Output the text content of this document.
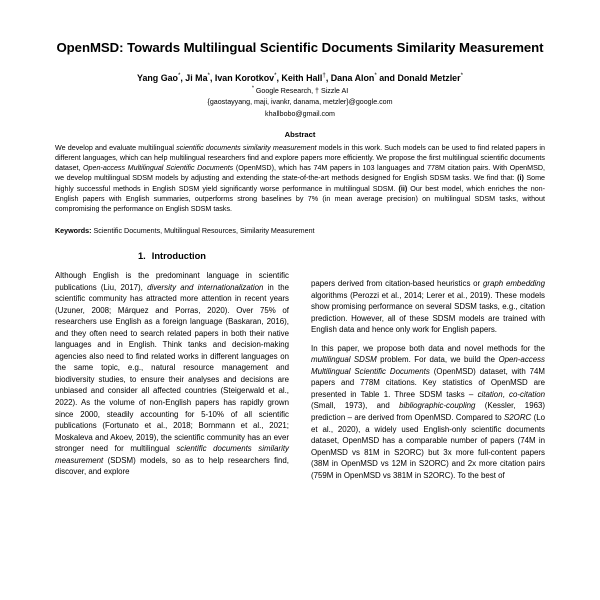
OpenMSD: Towards Multilingual Scientific Documents Similarity Measurement
Yang Gao*, Ji Ma*, Ivan Korotkov*, Keith Hall†, Dana Alon* and Donald Metzler*
* Google Research, † Sizzle AI
{gaostayyang, maji, ivankr, danama, metzler}@google.com
khallbobo@gmail.com
Abstract

We develop and evaluate multilingual scientific documents similarity measurement models in this work. Such models can be used to find related papers in different languages, which can help multilingual researchers find and explore papers more efficiently. We propose the first multilingual scientific documents dataset, Open-access Multilingual Scientific Documents (OpenMSD), which has 74M papers in 103 languages and 778M citation pairs. With OpenMSD, we develop multilingual SDSM models by adjusting and extending the state-of-the-art methods designed for English SDSM tasks. We find that: (i) Some highly successful methods in English SDSM yield significantly worse performance in multilingual SDSM. (ii) Our best model, which enriches the non-English papers with English summaries, outperforms strong baselines by 7% (in mean average precision) on multilingual SDSM tasks, without compromising the performance on English SDSM tasks.

Keywords: Scientific Documents, Multilingual Resources, Similarity Measurement
1. Introduction

Although English is the predominant language in scientific publications (Liu, 2017), diversity and internationalization in the scientific community has attracted more attention in recent years (Uzuner, 2008; Márquez and Porras, 2020). Over 75% of researchers use English as a foreign language (Baskaran, 2016), and they often need to search related papers in both their native languages and in English. Think tanks and decision-making agencies also need to find related works in different languages on the same topic, e.g., natural resource management and biodiversity studies, to ensure their analyses and decisions are unbiased and consider all affected countries (Steigerwald et al., 2022). As the volume of non-English papers has rapidly grown since 2000, steadily accounting for 5-10% of all scientific publications (Fortunato et al., 2018; Bornmann et al., 2021; Moskaleva and Akoev, 2019), the scientific community has an ever stronger need for multilingual scientific documents similarity measurement (SDSM) models, so as to help researchers find, discover, and explore

papers derived from citation-based heuristics or graph embedding algorithms (Perozzi et al., 2014; Lerer et al., 2019). These models show promising performance on several SDSM tasks, e.g., citation prediction. However, all of these SDSM models are trained with English data and hence only work for English papers.

In this paper, we propose both data and novel methods for the multilingual SDSM problem. For data, we build the Open-access Multilingual Scientific Documents (OpenMSD) dataset, with 74M papers and 778M citations. Key statistics of OpenMSD are presented in Table 1. Three SDSM tasks – citation, co-citation (Small, 1973), and bibliographic-coupling (Kessler, 1963) prediction – are derived from OpenMSD. Compared to S2ORC (Lo et al., 2020), a widely used English-only scientific documents dataset, OpenMSD has a comparable number of papers (74M in OpenMSD vs 81M in S2ORC) but 3x more full-content papers (38M in OpenMSD vs 12M in S2ORC) and 2x more citation pairs (759M in OpenMSD vs 381M in S2ORC). To the best of
